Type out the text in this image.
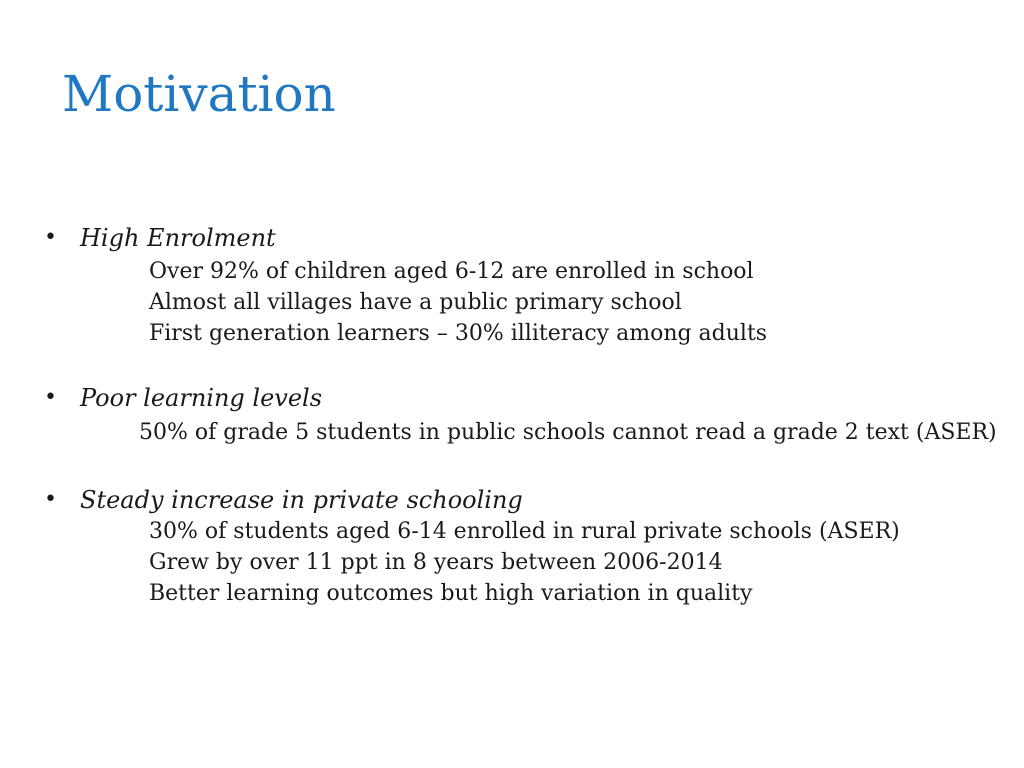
Motivation
• High Enrolment
Over 92% of children aged 6-12 are enrolled in school
Almost all villages have a public primary school
First generation learners – 30% illiteracy among adults
• Poor learning levels
50% of grade 5 students in public schools cannot read a grade 2 text (ASER)
• Steady increase in private schooling
30% of students aged 6-14 enrolled in rural private schools (ASER)
Grew by over 11 ppt in 8 years between 2006-2014
Better learning outcomes but high variation in quality
